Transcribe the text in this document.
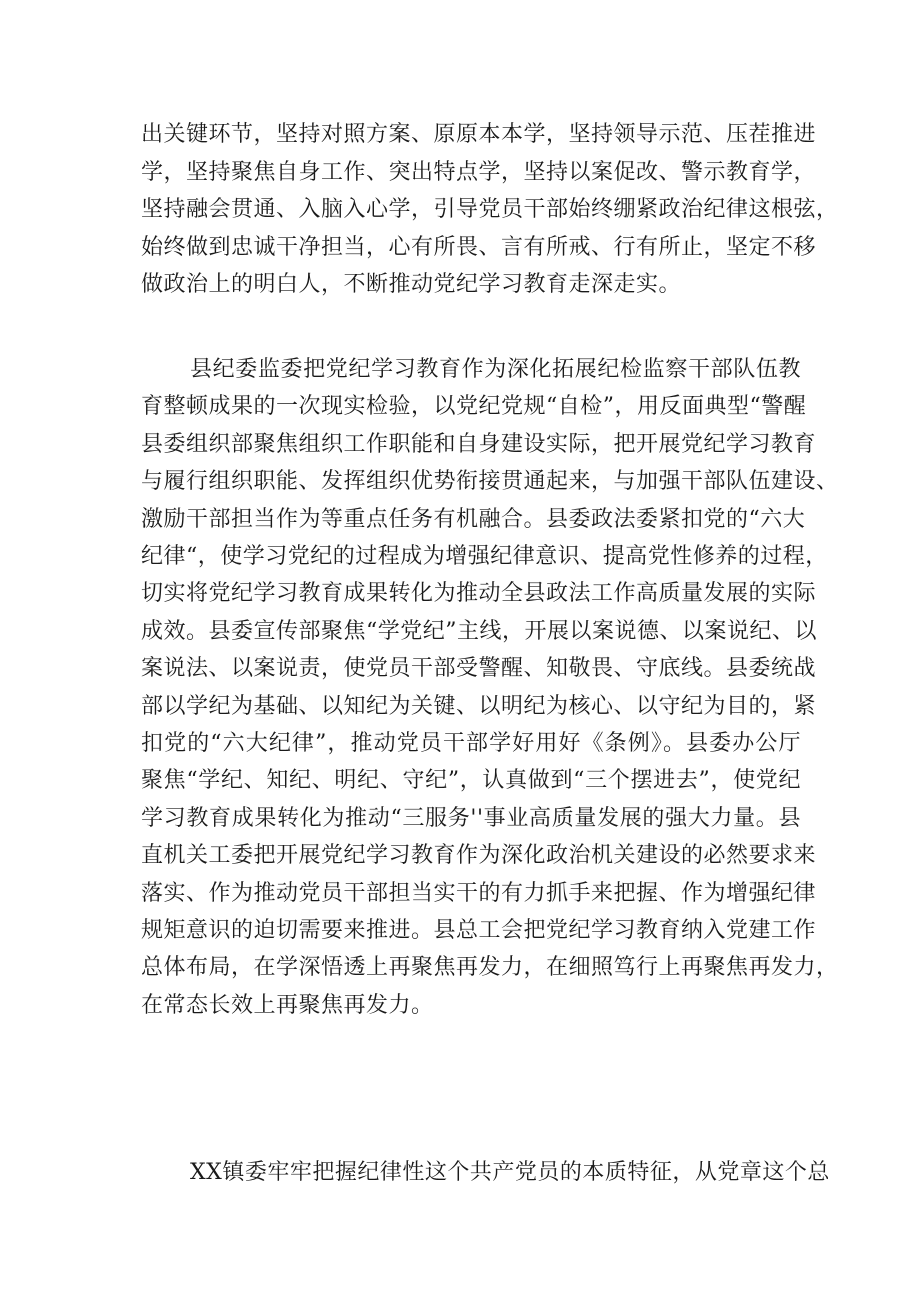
出关键环节，坚持对照方案、原原本本学，坚持领导示范、压茬推进
学，坚持聚焦自身工作、突出特点学，坚持以案促改、警示教育学，
坚持融会贯通、入脑入心学，引导党员干部始终绷紧政治纪律这根弦，
始终做到忠诚干净担当，心有所畏、言有所戒、行有所止，坚定不移
做政治上的明白人，不断推动党纪学习教育走深走实。
县纪委监委把党纪学习教育作为深化拓展纪检监察干部队伍教
育整顿成果的一次现实检验，以党纪党规“自检”，用反面典型“警醒
县委组织部聚焦组织工作职能和自身建设实际，把开展党纪学习教育
与履行组织职能、发挥组织优势衔接贯通起来，与加强干部队伍建设、
激励干部担当作为等重点任务有机融合。县委政法委紧扣党的“六大
纪律“，使学习党纪的过程成为增强纪律意识、提高党性修养的过程，
切实将党纪学习教育成果转化为推动全县政法工作高质量发展的实际
成效。县委宣传部聚焦“学党纪”主线，开展以案说德、以案说纪、以
案说法、以案说责，使党员干部受警醒、知敬畏、守底线。县委统战
部以学纪为基础、以知纪为关键、以明纪为核心、以守纪为目的，紧
扣党的“六大纪律”，推动党员干部学好用好《条例》。县委办公厅
聚焦“学纪、知纪、明纪、守纪”，认真做到“三个摆进去”，使党纪
学习教育成果转化为推动“三服务''事业高质量发展的强大力量。县
直机关工委把开展党纪学习教育作为深化政治机关建设的必然要求来
落实、作为推动党员干部担当实干的有力抓手来把握、作为增强纪律
规矩意识的迫切需要来推进。县总工会把党纪学习教育纳入党建工作
总体布局，在学深悟透上再聚焦再发力，在细照笃行上再聚焦再发力，
在常态长效上再聚焦再发力。
XX镇委牢牢把握纪律性这个共产党员的本质特征，从党章这个总
